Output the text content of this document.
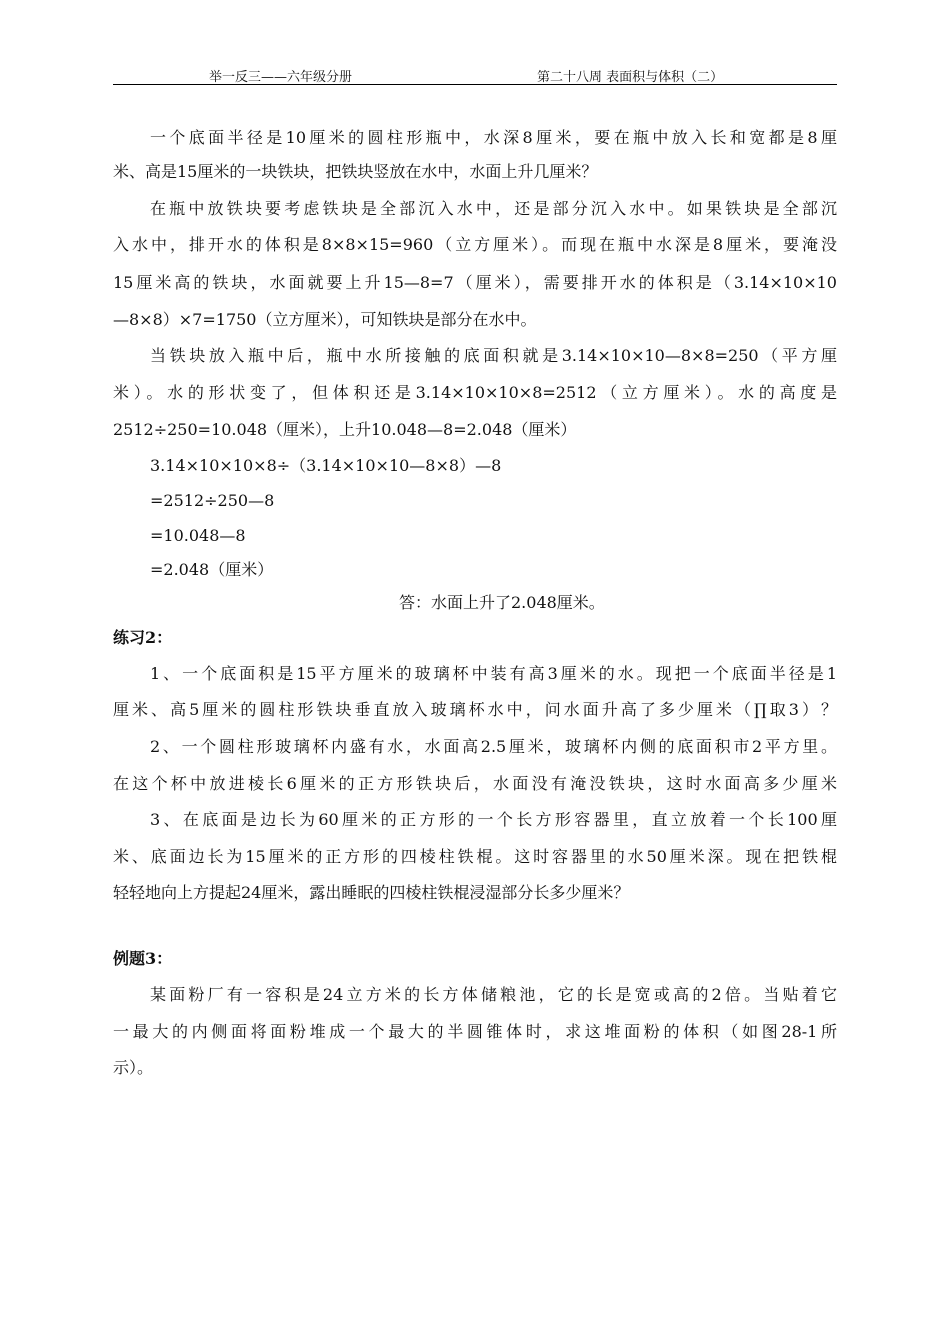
举一反三——六年级分册	第二十八周 表面积与体积（二）
一个底面半径是10厘米的圆柱形瓶中，水深8厘米，要在瓶中放入长和宽都是8厘
米、高是15厘米的一块铁块，把铁块竖放在水中，水面上升几厘米？
在瓶中放铁块要考虑铁块是全部沉入水中，还是部分沉入水中。如果铁块是全部沉
入水中，排开水的体积是8×8×15=960（立方厘米）。而现在瓶中水深是8厘米，要淹没
15厘米高的铁块，水面就要上升15—8=7（厘米），需要排开水的体积是（3.14×10×10
—8×8）×7=1750（立方厘米），可知铁块是部分在水中。
当铁块放入瓶中后，瓶中水所接触的底面积就是3.14×10×10—8×8=250（平方厘
米）。水的形状变了，但体积还是3.14×10×10×8=2512（立方厘米）。水的高度是
2512÷250=10.048（厘米），上升10.048—8=2.048（厘米）
3.14×10×10×8÷（3.14×10×10—8×8）—8
=2512÷250—8
=10.048—8
=2.048（厘米）
答：水面上升了2.048厘米。
练习2：
1、一个底面积是15平方厘米的玻璃杯中装有高3厘米的水。现把一个底面半径是1
厘米、高5厘米的圆柱形铁块垂直放入玻璃杯水中，问水面升高了多少厘米（∏取3）？
2、一个圆柱形玻璃杯内盛有水，水面高2.5厘米，玻璃杯内侧的底面积市2平方里。
在这个杯中放进棱长6厘米的正方形铁块后，水面没有淹没铁块，这时水面高多少厘米
3、在底面是边长为60厘米的正方形的一个长方形容器里，直立放着一个长100厘
米、底面边长为15厘米的正方形的四棱柱铁棍。这时容器里的水50厘米深。现在把铁棍
轻轻地向上方提起24厘米，露出睡眠的四棱柱铁棍浸湿部分长多少厘米？
例题3：
某面粉厂有一容积是24立方米的长方体储粮池，它的长是宽或高的2倍。当贴着它
一最大的内侧面将面粉堆成一个最大的半圆锥体时，求这堆面粉的体积（如图28-1所
示）。
